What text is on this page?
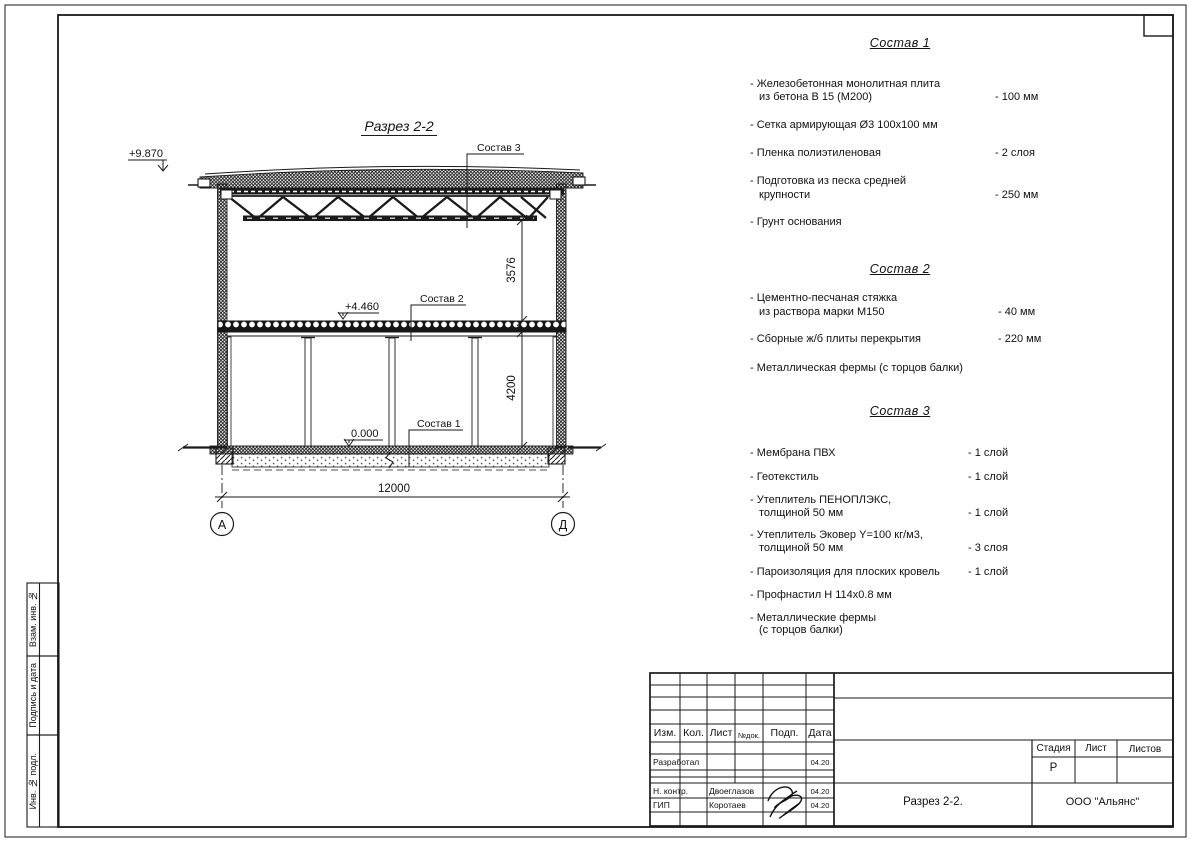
Разрез 2-2
+9.870
+4.460
0.000
Состав 3
Состав 2
Состав 1
3576
4200
12000
А	Д
Состав 1
- Железобетонная монолитная плита
из бетона В 15 (М200)	- 100 мм
- Сетка армирующая Ø3 100х100 мм
- Пленка полиэтиленовая	- 2 слоя
- Подготовка из песка средней
крупности	- 250 мм
- Грунт основания
Состав 2
- Цементно-песчаная стяжка
из раствора марки М150	- 40 мм
- Сборные ж/б плиты перекрытия	- 220 мм
- Металлическая фермы (с торцов балки)
Состав 3
- Мембрана ПВХ	- 1 слой
- Геотекстиль	- 1 слой
- Утеплитель ПЕНОПЛЭКС,
толщиной 50 мм	- 1 слой
- Утеплитель Эковер Y=100 кг/м3,
толщиной 50 мм	- 3 слоя
- Пароизоляция для плоских кровель	- 1 слой
- Профнастил Н 114х0.8 мм
- Металлические фермы
(с торцов балки)
Изм. Кол. Лист №док.	Подп. Дата
Разработал	04.20
Н. контр. Двоеглазов	04.20
ГИП	Коротаев	04.20
Стадия	Лист	Листов
Р
Разрез 2-2.	ООО "Альянс"
Взам. инв. №
Подпись и дата
Инв. № подл.
